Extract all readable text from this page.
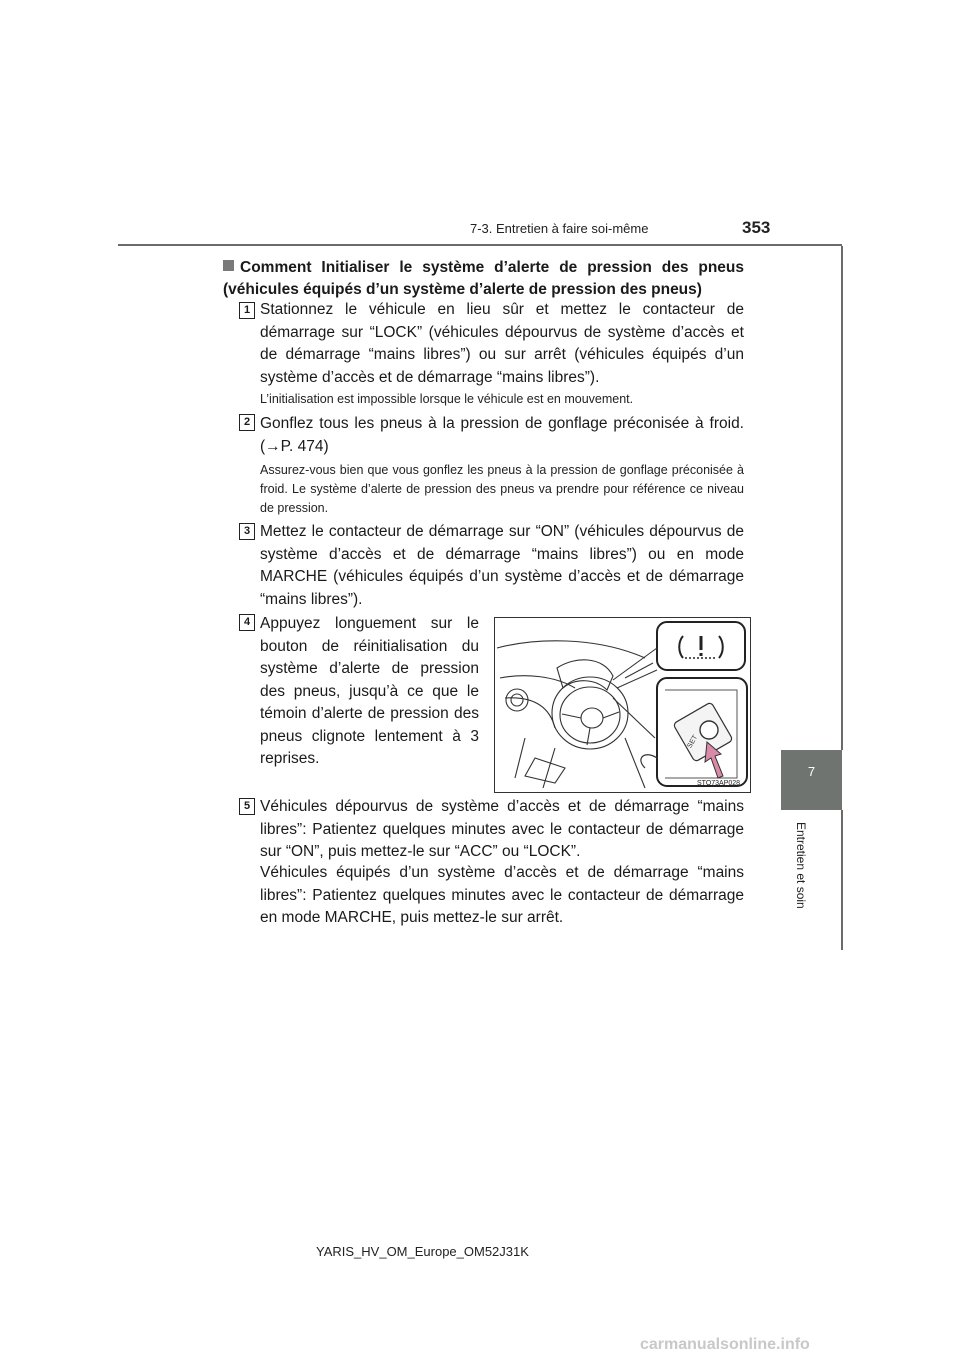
7-3. Entretien à faire soi-même	353
7
Entretien et soin
Comment Initialiser le système d’alerte de pression des pneus (véhicules équipés d’un système d’alerte de pression des pneus)
1 Stationnez le véhicule en lieu sûr et mettez le contacteur de démarrage sur “LOCK” (véhicules dépourvus de système d’accès et de démarrage “mains libres”) ou sur arrêt (véhicules équipés d’un système d’accès et de démarrage “mains libres”).

L’initialisation est impossible lorsque le véhicule est en mouvement.

2 Gonflez tous les pneus à la pression de gonflage préconisée à froid. (→P. 474)

Assurez-vous bien que vous gonflez les pneus à la pression de gonflage préconisée à froid. Le système d’alerte de pression des pneus va prendre pour référence ce niveau de pression.

3 Mettez le contacteur de démarrage sur “ON” (véhicules dépourvus de système d’accès et de démarrage “mains libres”) ou en mode MARCHE (véhicules équipés d’un système d’accès et de démarrage “mains libres”).

4 Appuyez longuement sur le bouton de réinitialisation du système d’alerte de pression des pneus, jusqu’à ce que le témoin d’alerte de pression des pneus clignote lentement à 3 reprises.

SET
STO73AP028
5 Véhicules dépourvus de système d’accès et de démarrage “mains libres”: Patientez quelques minutes avec le contacteur de démarrage sur “ON”, puis mettez-le sur “ACC” ou “LOCK”.

Véhicules équipés d’un système d’accès et de démarrage “mains libres”: Patientez quelques minutes avec le contacteur de démarrage en mode MARCHE, puis mettez-le sur arrêt.

YARIS_HV_OM_Europe_OM52J31K
carmanualsonline.info
